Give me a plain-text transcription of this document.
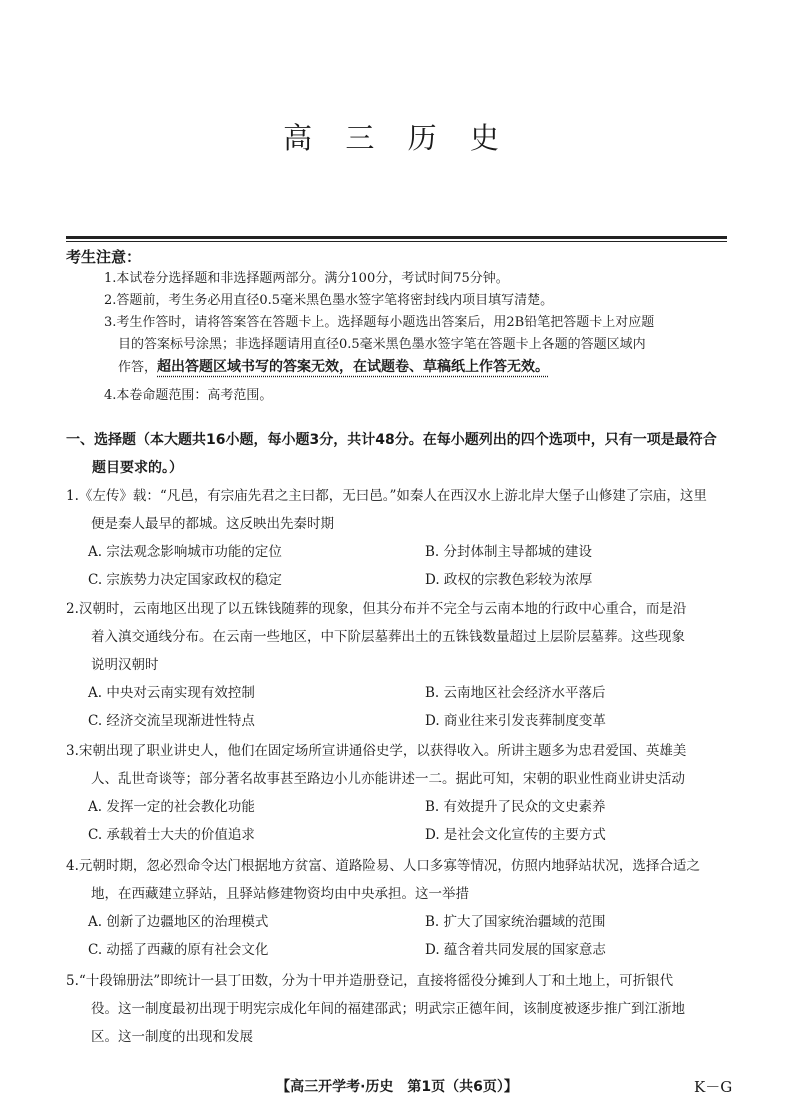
高 三 历 史
考生注意：

1.本试卷分选择题和非选择题两部分。满分100分，考试时间75分钟。

2.答题前，考生务必用直径0.5毫米黑色墨水签字笔将密封线内项目填写清楚。

3.考生作答时，请将答案答在答题卡上。选择题每小题选出答案后，用2B铅笔把答题卡上对应题

目的答案标号涂黑；非选择题请用直径0.5毫米黑色墨水签字笔在答题卡上各题的答题区域内

作答，超出答题区域书写的答案无效，在试题卷、草稿纸上作答无效。

4.本卷命题范围：高考范围。

一、选择题（本大题共16小题，每小题3分，共计48分。在每小题列出的四个选项中，只有一项是最符合
题目要求的。）

1.《左传》载：“凡邑，有宗庙先君之主曰都，无曰邑。”如秦人在西汉水上游北岸大堡子山修建了宗庙，这里

便是秦人最早的都城。这反映出先秦时期

A. 宗法观念影响城市功能的定位	B. 分封体制主导都城的建设
C. 宗族势力决定国家政权的稳定	D. 政权的宗教色彩较为浓厚

2.汉朝时，云南地区出现了以五铢钱随葬的现象，但其分布并不完全与云南本地的行政中心重合，而是沿

着入滇交通线分布。在云南一些地区，中下阶层墓葬出土的五铢钱数量超过上层阶层墓葬。这些现象

说明汉朝时

A. 中央对云南实现有效控制	B. 云南地区社会经济水平落后
C. 经济交流呈现渐进性特点	D. 商业往来引发丧葬制度变革

3.宋朝出现了职业讲史人，他们在固定场所宣讲通俗史学，以获得收入。所讲主题多为忠君爱国、英雄美

人、乱世奇谈等；部分著名故事甚至路边小儿亦能讲述一二。据此可知，宋朝的职业性商业讲史活动

A. 发挥一定的社会教化功能	B. 有效提升了民众的文史素养
C. 承载着士大夫的价值追求	D. 是社会文化宣传的主要方式

4.元朝时期，忽必烈命令达门根据地方贫富、道路险易、人口多寡等情况，仿照内地驿站状况，选择合适之

地，在西藏建立驿站，且驿站修建物资均由中央承担。这一举措

A. 创新了边疆地区的治理模式	B. 扩大了国家统治疆域的范围
C. 动摇了西藏的原有社会文化	D. 蕴含着共同发展的国家意志

5.“十段锦册法”即统计一县丁田数，分为十甲并造册登记，直接将徭役分摊到人丁和土地上，可折银代

役。这一制度最初出现于明宪宗成化年间的福建邵武；明武宗正德年间，该制度被逐步推广到江浙地

区。这一制度的出现和发展

【高三开学考·历史　第1页（共6页）】	K－G
